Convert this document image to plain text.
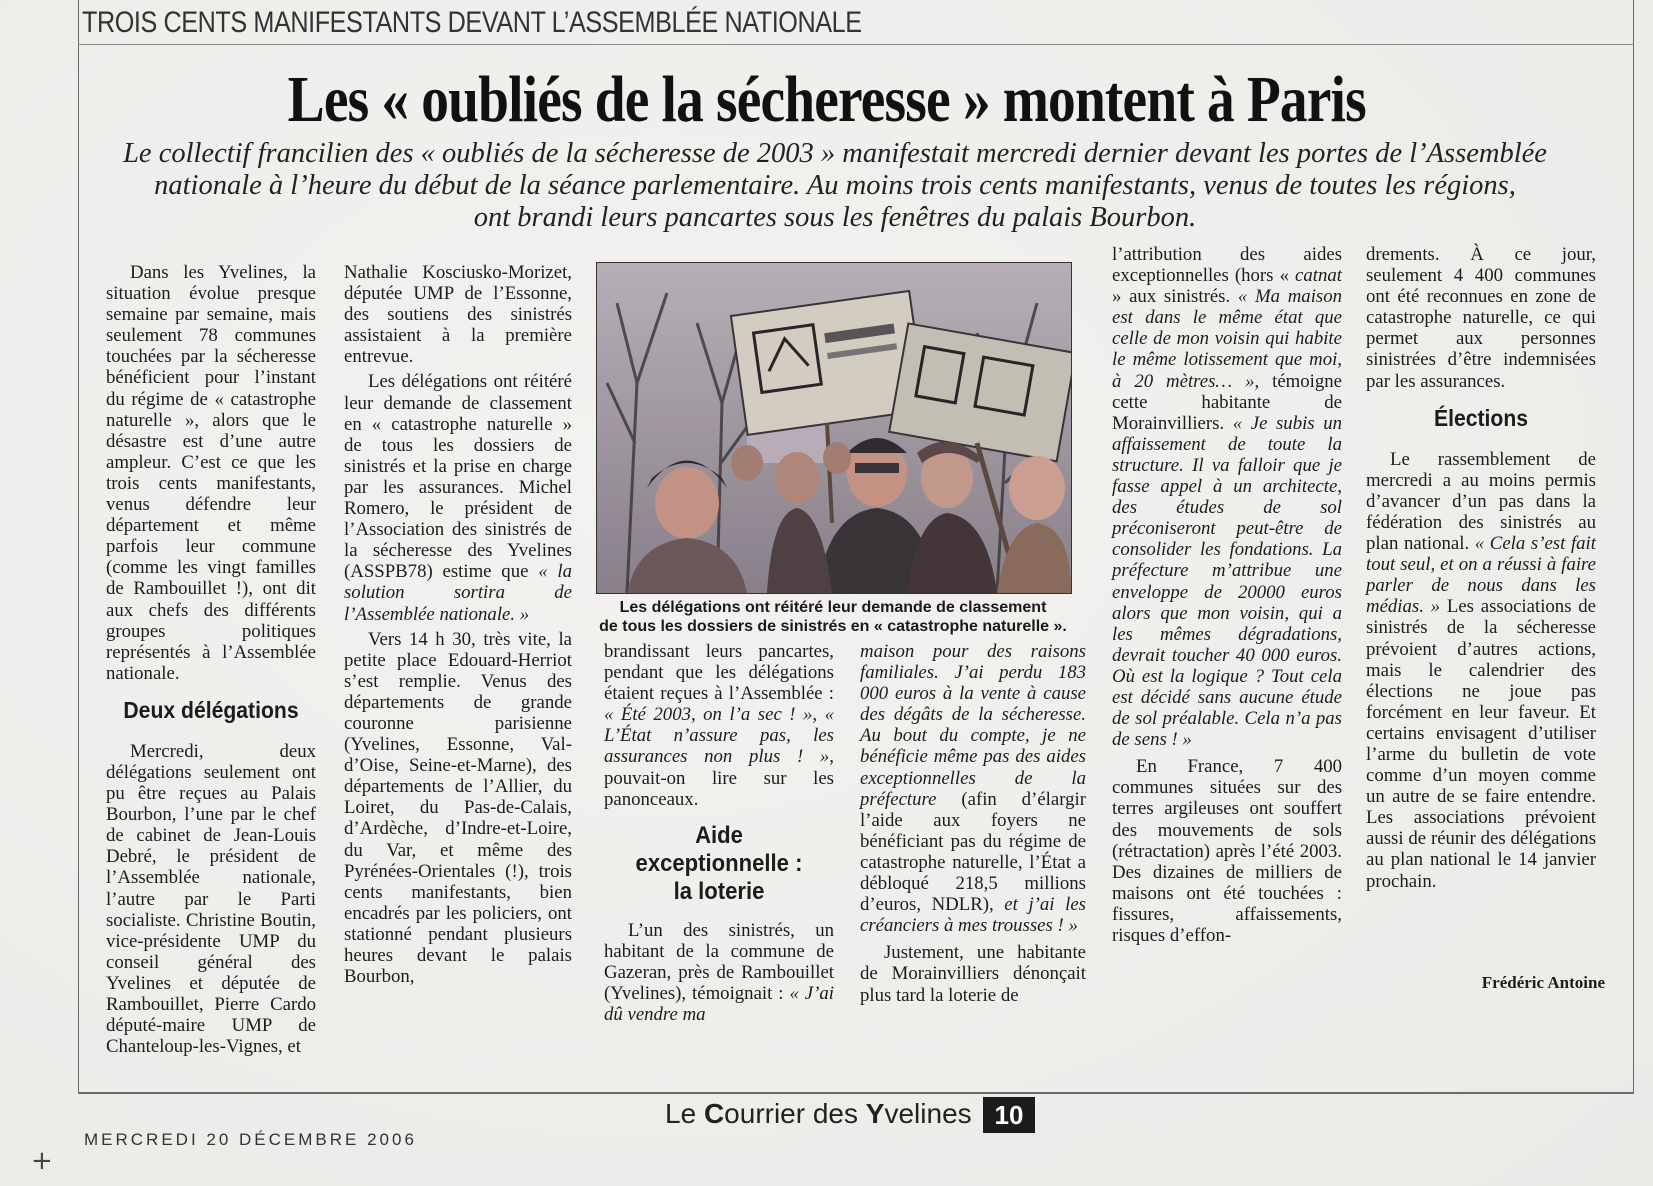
TROIS CENTS MANIFESTANTS DEVANT L’ASSEMBLÉE NATIONALE
Les « oubliés de la sécheresse » montent à Paris
Le collectif francilien des « oubliés de la sécheresse de 2003 » manifestait mercredi dernier devant les portes de l’Assemblée
nationale à l’heure du début de la séance parlementaire. Au moins trois cents manifestants, venus de toutes les régions,
ont brandi leurs pancartes sous les fenêtres du palais Bourbon.

Dans les Yvelines, la situation évolue presque semaine par semaine, mais seulement 78 communes touchées par la sécheresse bénéficient pour l’instant du régime de « catastrophe naturelle », alors que le désastre est d’une autre ampleur. C’est ce que les trois cents manifestants, venus défendre leur département et même parfois leur commune (comme les vingt familles de Rambouillet !), ont dit aux chefs des différents groupes politiques représentés à l’Assemblée nationale.

Deux délégations

Mercredi, deux délégations seulement ont pu être reçues au Palais Bourbon, l’une par le chef de cabinet de Jean-Louis Debré, le président de l’Assemblée nationale, l’autre par le Parti socialiste. Christine Boutin, vice-présidente UMP du conseil général des Yvelines et députée de Rambouillet, Pierre Cardo député-maire UMP de Chanteloup-les-Vignes, et

Nathalie Kosciusko-Morizet, députée UMP de l’Essonne, des soutiens des sinistrés assistaient à la première entrevue.

Les délégations ont réitéré leur demande de classement en « catastrophe naturelle » de tous les dossiers de sinistrés et la prise en charge par les assurances. Michel Romero, le président de l’Association des sinistrés de la sécheresse des Yvelines (ASSPB78) estime que « la solution sortira de l’Assemblée nationale. »

Vers 14 h 30, très vite, la petite place Edouard-Herriot s’est remplie. Venus des départements de grande couronne parisienne (Yvelines, Essonne, Val-d’Oise, Seine-et-Marne), des départements de l’Allier, du Loiret, du Pas-de-Calais, d’Ardèche, d’Indre-et-Loire, du Var, et même des Pyrénées-Orientales (!), trois cents manifestants, bien encadrés par les policiers, ont stationné pendant plusieurs heures devant le palais Bourbon,

Les délégations ont réitéré leur demande de classement
de tous les dossiers de sinistrés en « catastrophe naturelle ».

brandissant leurs pancartes, pendant que les délégations étaient reçues à l’Assemblée : « Été 2003, on l’a sec ! », « L’État n’assure pas, les assurances non plus ! », pouvait-on lire sur les panonceaux.

Aide
exceptionnelle :
la loterie

L’un des sinistrés, un habitant de la commune de Gazeran, près de Rambouillet (Yvelines), témoignait : « J’ai dû vendre ma

maison pour des raisons familiales. J’ai perdu 183 000 euros à la vente à cause des dégâts de la sécheresse. Au bout du compte, je ne bénéficie même pas des aides exceptionnelles de la préfecture (afin d’élargir l’aide aux foyers ne bénéficiant pas du régime de catastrophe naturelle, l’État a débloqué 218,5 millions d’euros, NDLR), et j’ai les créanciers à mes trousses ! »

Justement, une habitante de Morainvilliers dénonçait plus tard la loterie de

l’attribution des aides exceptionnelles (hors « catnat » aux sinistrés. « Ma maison est dans le même état que celle de mon voisin qui habite le même lotissement que moi, à 20 mètres… », témoigne cette habitante de Morainvilliers. « Je subis un affaissement de toute la structure. Il va falloir que je fasse appel à un architecte, des études de sol préconiseront peut-être de consolider les fondations. La préfecture m’attribue une enveloppe de 20000 euros alors que mon voisin, qui a les mêmes dégradations, devrait toucher 40 000 euros. Où est la logique ? Tout cela est décidé sans aucune étude de sol préalable. Cela n’a pas de sens ! »

En France, 7 400 communes situées sur des terres argileuses ont souffert des mouvements de sols (rétractation) après l’été 2003. Des dizaines de milliers de maisons ont été touchées : fissures, affaissements, risques d’effon-

drements. À ce jour, seulement 4 400 communes ont été reconnues en zone de catastrophe naturelle, ce qui permet aux personnes sinistrées d’être indemnisées par les assurances.

Élections

Le rassemblement de mercredi a au moins permis d’avancer d’un pas dans la fédération des sinistrés au plan national. « Cela s’est fait tout seul, et on a réussi à faire parler de nous dans les médias. » Les associations de sinistrés de la sécheresse prévoient d’autres actions, mais le calendrier des élections ne joue pas forcément en leur faveur. Et certains envisagent d’utiliser l’arme du bulletin de vote comme d’un moyen comme un autre de se faire entendre. Les associations prévoient aussi de réunir des délégations au plan national le 14 janvier prochain.

Frédéric Antoine
Le Courrier des Yvelines 10
MERCREDI 20 DÉCEMBRE 2006
+
